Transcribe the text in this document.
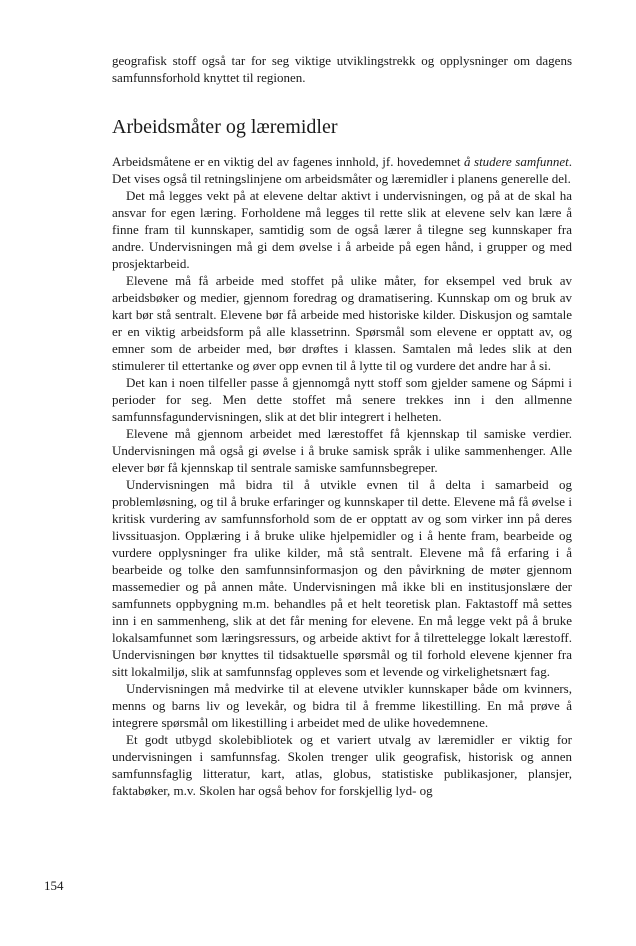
geografisk stoff også tar for seg viktige utviklingstrekk og opplysninger om dagens samfunnsforhold knyttet til regionen.

Arbeidsmåter og læremidler

Arbeidsmåtene er en viktig del av fagenes innhold, jf. hovedemnet å studere samfunnet. Det vises også til retningslinjene om arbeidsmåter og læremidler i planens generelle del.

Det må legges vekt på at elevene deltar aktivt i undervisningen, og på at de skal ha ansvar for egen læring. Forholdene må legges til rette slik at elevene selv kan lære å finne fram til kunnskaper, samtidig som de også lærer å tilegne seg kunnskaper fra andre. Undervisningen må gi dem øvelse i å arbeide på egen hånd, i grupper og med prosjektarbeid.

Elevene må få arbeide med stoffet på ulike måter, for eksempel ved bruk av arbeidsbøker og medier, gjennom foredrag og dramatisering. Kunnskap om og bruk av kart bør stå sentralt. Elevene bør få arbeide med historiske kilder. Diskusjon og samtale er en viktig arbeidsform på alle klassetrinn. Spørsmål som elevene er opptatt av, og emner som de arbeider med, bør drøftes i klassen. Samtalen må ledes slik at den stimulerer til ettertanke og øver opp evnen til å lytte til og vurdere det andre har å si.

Det kan i noen tilfeller passe å gjennomgå nytt stoff som gjelder samene og Sápmi i perioder for seg. Men dette stoffet må senere trekkes inn i den allmenne samfunnsfagundervisningen, slik at det blir integrert i helheten.

Elevene må gjennom arbeidet med lærestoffet få kjennskap til samiske verdier. Undervisningen må også gi øvelse i å bruke samisk språk i ulike sammenhenger. Alle elever bør få kjennskap til sentrale samiske samfunnsbegreper.

Undervisningen må bidra til å utvikle evnen til å delta i samarbeid og problemløsning, og til å bruke erfaringer og kunnskaper til dette. Elevene må få øvelse i kritisk vurdering av samfunnsforhold som de er opptatt av og som virker inn på deres livssituasjon. Opplæring i å bruke ulike hjelpemidler og i å hente fram, bearbeide og vurdere opplysninger fra ulike kilder, må stå sentralt. Elevene må få erfaring i å bearbeide og tolke den samfunnsinformasjon og den påvirkning de møter gjennom massemedier og på annen måte. Undervisningen må ikke bli en institusjonslære der samfunnets oppbygning m.m. behandles på et helt teoretisk plan. Faktastoff må settes inn i en sammenheng, slik at det får mening for elevene. En må legge vekt på å bruke lokalsamfunnet som læringsressurs, og arbeide aktivt for å tilrettelegge lokalt lærestoff. Undervisningen bør knyttes til tidsaktuelle spørsmål og til forhold elevene kjenner fra sitt lokalmiljø, slik at samfunnsfag oppleves som et levende og virkelighetsnært fag.

Undervisningen må medvirke til at elevene utvikler kunnskaper både om kvinners, menns og barns liv og levekår, og bidra til å fremme likestilling. En må prøve å integrere spørsmål om likestilling i arbeidet med de ulike hovedemnene.

Et godt utbygd skolebibliotek og et variert utvalg av læremidler er viktig for undervisningen i samfunnsfag. Skolen trenger ulik geografisk, historisk og annen samfunnsfaglig litteratur, kart, atlas, globus, statistiske publikasjoner, plansjer, faktabøker, m.v. Skolen har også behov for forskjellig lyd- og

154
